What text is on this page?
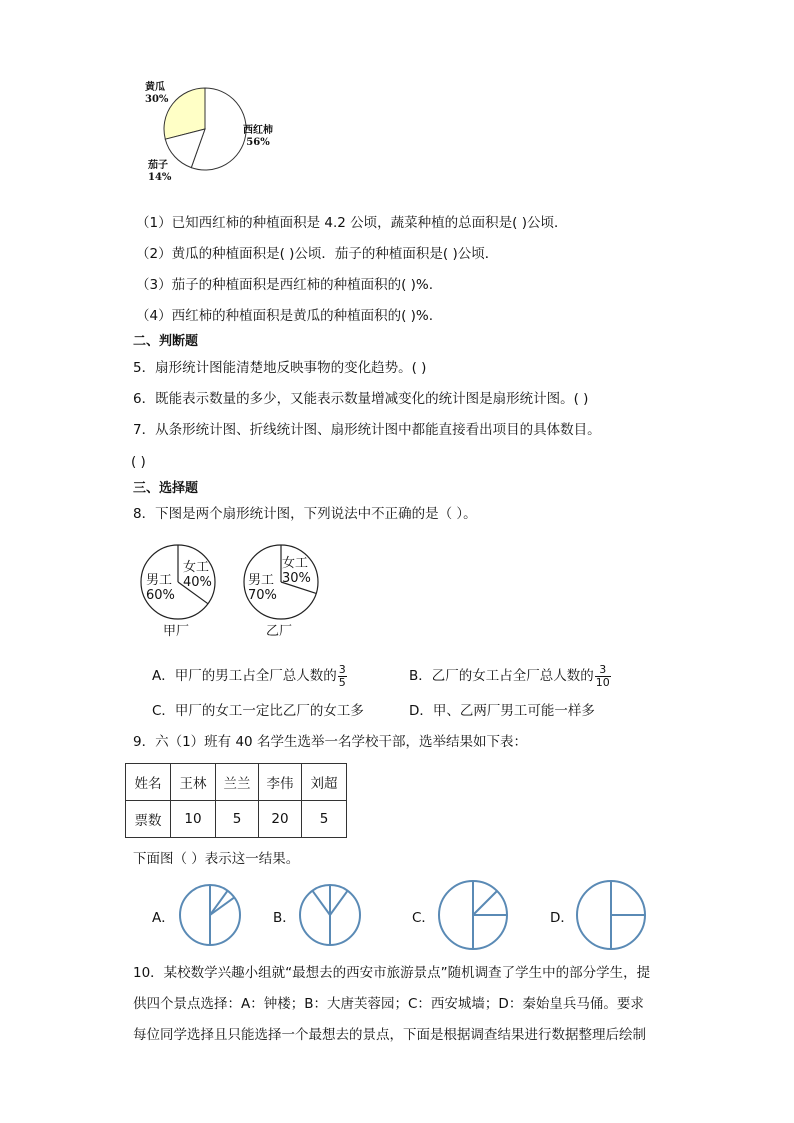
黄瓜
30%
西红柿
56%
茄子
14%
（1）已知西红柿的种植面积是 4.2 公顷，蔬菜种植的总面积是( )公顷．
（2）黄瓜的种植面积是( )公顷．茄子的种植面积是( )公顷．
（3）茄子的种植面积是西红柿的种植面积的( )%.
（4）西红柿的种植面积是黄瓜的种植面积的( )%.
二、判断题
5．扇形统计图能清楚地反映事物的变化趋势。( )
6．既能表示数量的多少，又能表示数量增减变化的统计图是扇形统计图。( )
7．从条形统计图、折线统计图、扇形统计图中都能直接看出项目的具体数目。
( )
三、选择题
8．下图是两个扇形统计图，下列说法中不正确的是（ ）。
女工
40%
男工
60%
甲厂
女工
30%
男工
70%
乙厂
A．甲厂的男工占全厂总人数的 $\frac{3}{5}$	B．乙厂的女工占全厂总人数的 $\frac{3}{10}$
C．甲厂的女工一定比乙厂的女工多	D．甲、乙两厂男工可能一样多
9．六（1）班有 40 名学生选举一名学校干部，选举结果如下表：
姓名	王林	兰兰	李伟	刘超
票数	10	5	20	5
下面图（ ）表示这一结果。
A．	B．	C．	D．
10．某校数学兴趣小组就“最想去的西安市旅游景点”随机调查了学生中的部分学生，提
供四个景点选择：A：钟楼；B：大唐芙蓉园；C：西安城墙；D：秦始皇兵马俑。要求
每位同学选择且只能选择一个最想去的景点，下面是根据调查结果进行数据整理后绘制
